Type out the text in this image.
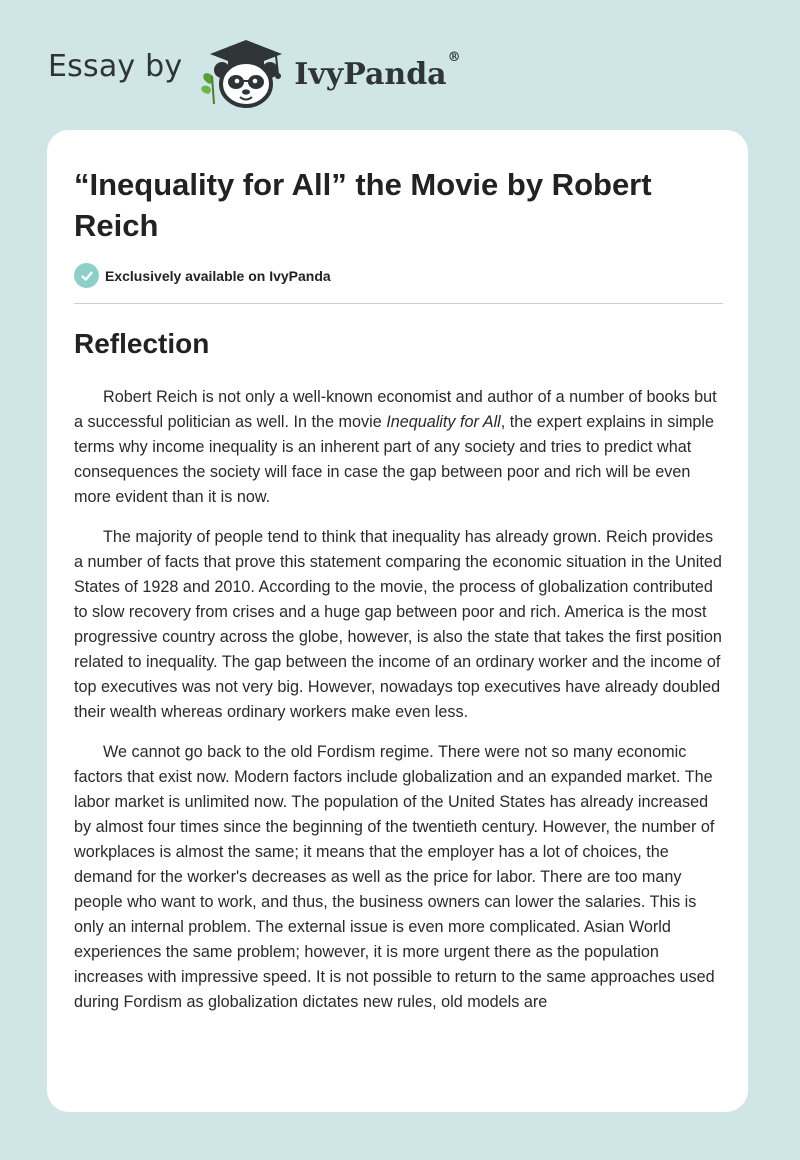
Essay by	IvyPanda®
“Inequality for All” the Movie by Robert Reich
Exclusively available on IvyPanda
Reflection

Robert Reich is not only a well-known economist and author of a number of books but a successful politician as well. In the movie Inequality for All, the expert explains in simple terms why income inequality is an inherent part of any society and tries to predict what consequences the society will face in case the gap between poor and rich will be even more evident than it is now.

The majority of people tend to think that inequality has already grown. Reich provides a number of facts that prove this statement comparing the economic situation in the United States of 1928 and 2010. According to the movie, the process of globalization contributed to slow recovery from crises and a huge gap between poor and rich. America is the most progressive country across the globe, however, is also the state that takes the first position related to inequality. The gap between the income of an ordinary worker and the income of top executives was not very big. However, nowadays top executives have already doubled their wealth whereas ordinary workers make even less.

We cannot go back to the old Fordism regime. There were not so many economic factors that exist now. Modern factors include globalization and an expanded market. The labor market is unlimited now. The population of the United States has already increased by almost four times since the beginning of the twentieth century. However, the number of workplaces is almost the same; it means that the employer has a lot of choices, the demand for the worker's decreases as well as the price for labor. There are too many people who want to work, and thus, the business owners can lower the salaries. This is only an internal problem. The external issue is even more complicated. Asian World experiences the same problem; however, it is more urgent there as the population increases with impressive speed. It is not possible to return to the same approaches used during Fordism as globalization dictates new rules, old models are
